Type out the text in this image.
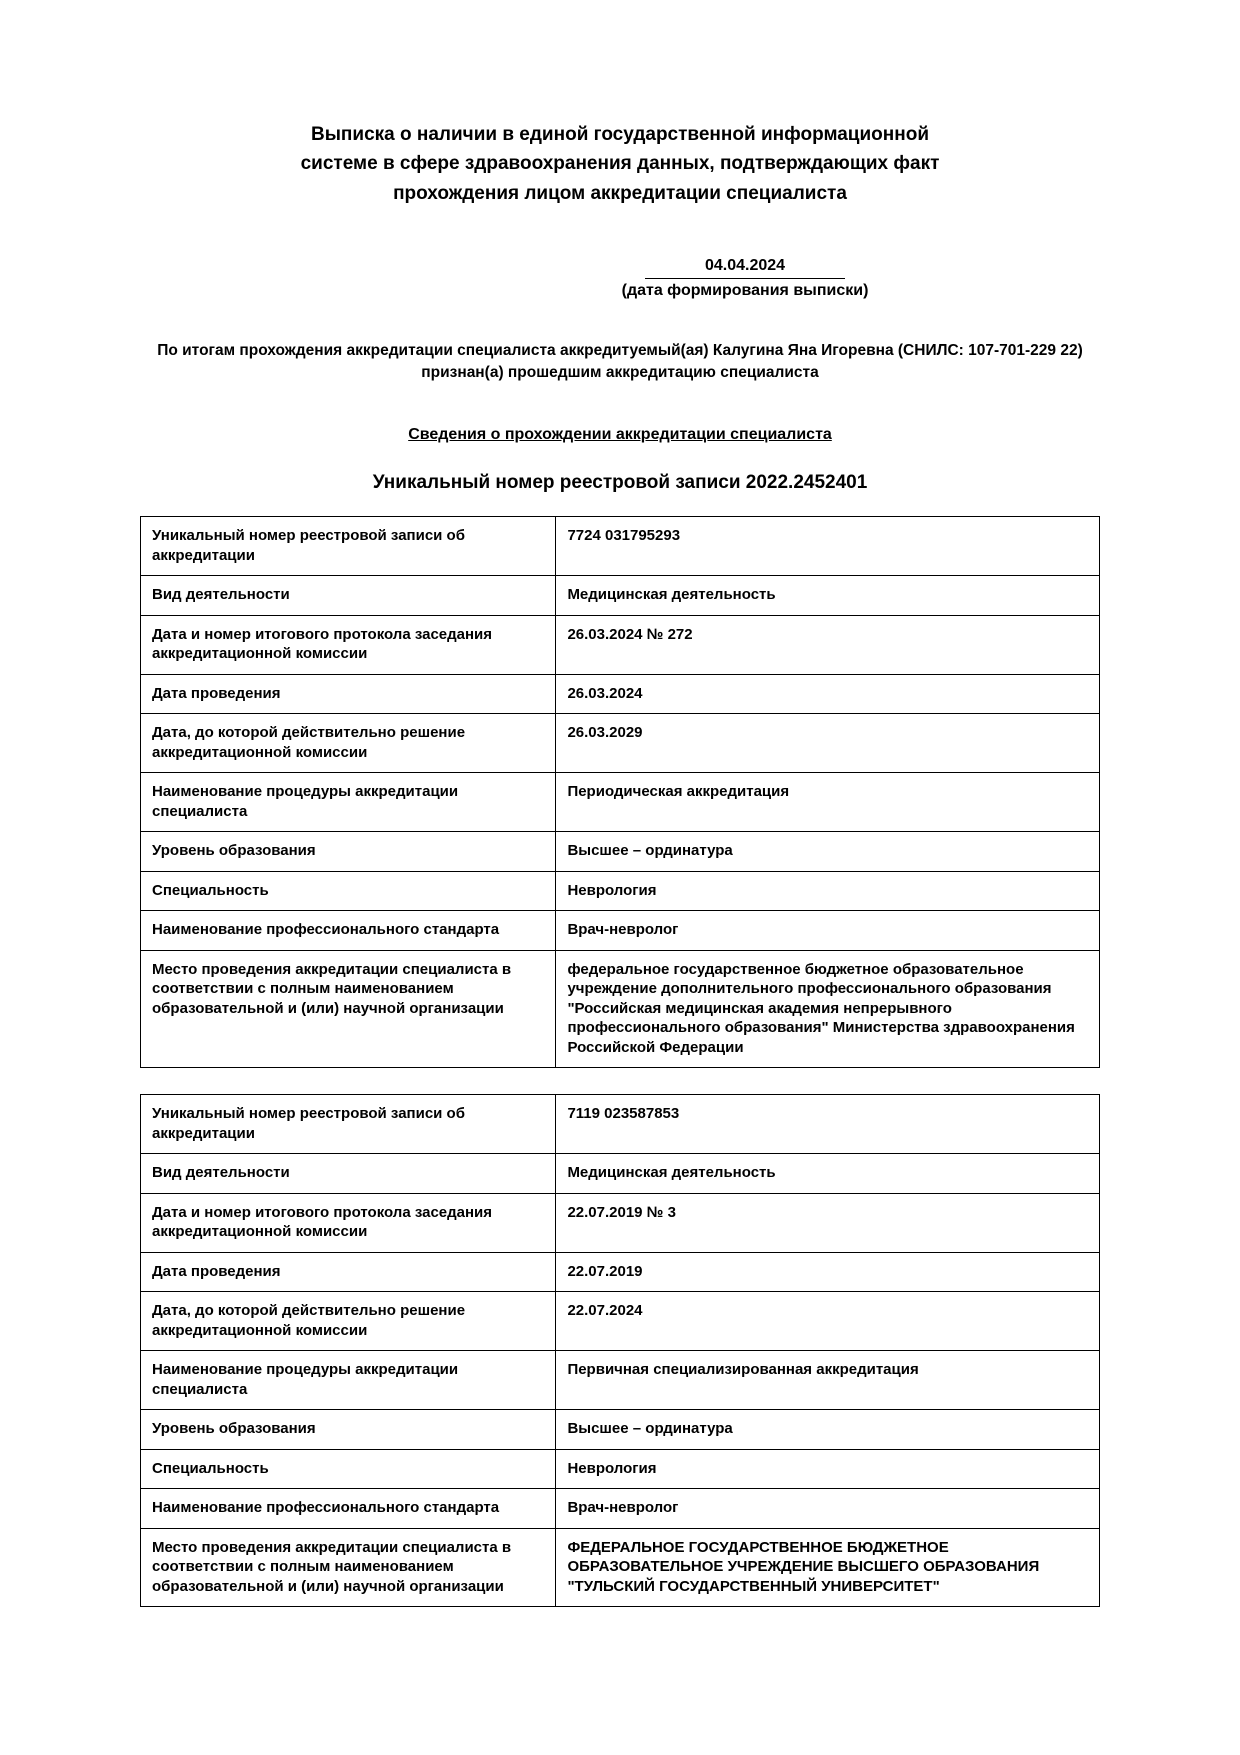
Выписка о наличии в единой государственной информационной
системе в сфере здравоохранения данных, подтверждающих факт
прохождения лицом аккредитации специалиста
04.04.2024
(дата формирования выписки)
По итогам прохождения аккредитации специалиста аккредитуемый(ая) Калугина Яна Игоревна (СНИЛС: 107-701-229 22)
признан(а) прошедшим аккредитацию специалиста
Сведения о прохождении аккредитации специалиста
Уникальный номер реестровой записи 2022.2452401
Уникальный номер реестровой записи об аккредитации	7724 031795293
Вид деятельности	Медицинская деятельность
Дата и номер итогового протокола заседания аккредитационной комиссии	26.03.2024 № 272
Дата проведения	26.03.2024
Дата, до которой действительно решение аккредитационной комиссии	26.03.2029
Наименование процедуры аккредитации специалиста	Периодическая аккредитация
Уровень образования	Высшее – ординатура
Специальность	Неврология
Наименование профессионального стандарта	Врач-невролог
Место проведения аккредитации специалиста в соответствии с полным наименованием образовательной и (или) научной организации	федеральное государственное бюджетное образовательное учреждение дополнительного профессионального образования "Российская медицинская академия непрерывного профессионального образования" Министерства здравоохранения Российской Федерации
Уникальный номер реестровой записи об аккредитации	7119 023587853
Вид деятельности	Медицинская деятельность
Дата и номер итогового протокола заседания аккредитационной комиссии	22.07.2019 № 3
Дата проведения	22.07.2019
Дата, до которой действительно решение аккредитационной комиссии	22.07.2024
Наименование процедуры аккредитации специалиста	Первичная специализированная аккредитация
Уровень образования	Высшее – ординатура
Специальность	Неврология
Наименование профессионального стандарта	Врач-невролог
Место проведения аккредитации специалиста в соответствии с полным наименованием образовательной и (или) научной организации	ФЕДЕРАЛЬНОЕ ГОСУДАРСТВЕННОЕ БЮДЖЕТНОЕ ОБРАЗОВАТЕЛЬНОЕ УЧРЕЖДЕНИЕ ВЫСШЕГО ОБРАЗОВАНИЯ "ТУЛЬСКИЙ ГОСУДАРСТВЕННЫЙ УНИВЕРСИТЕТ"
